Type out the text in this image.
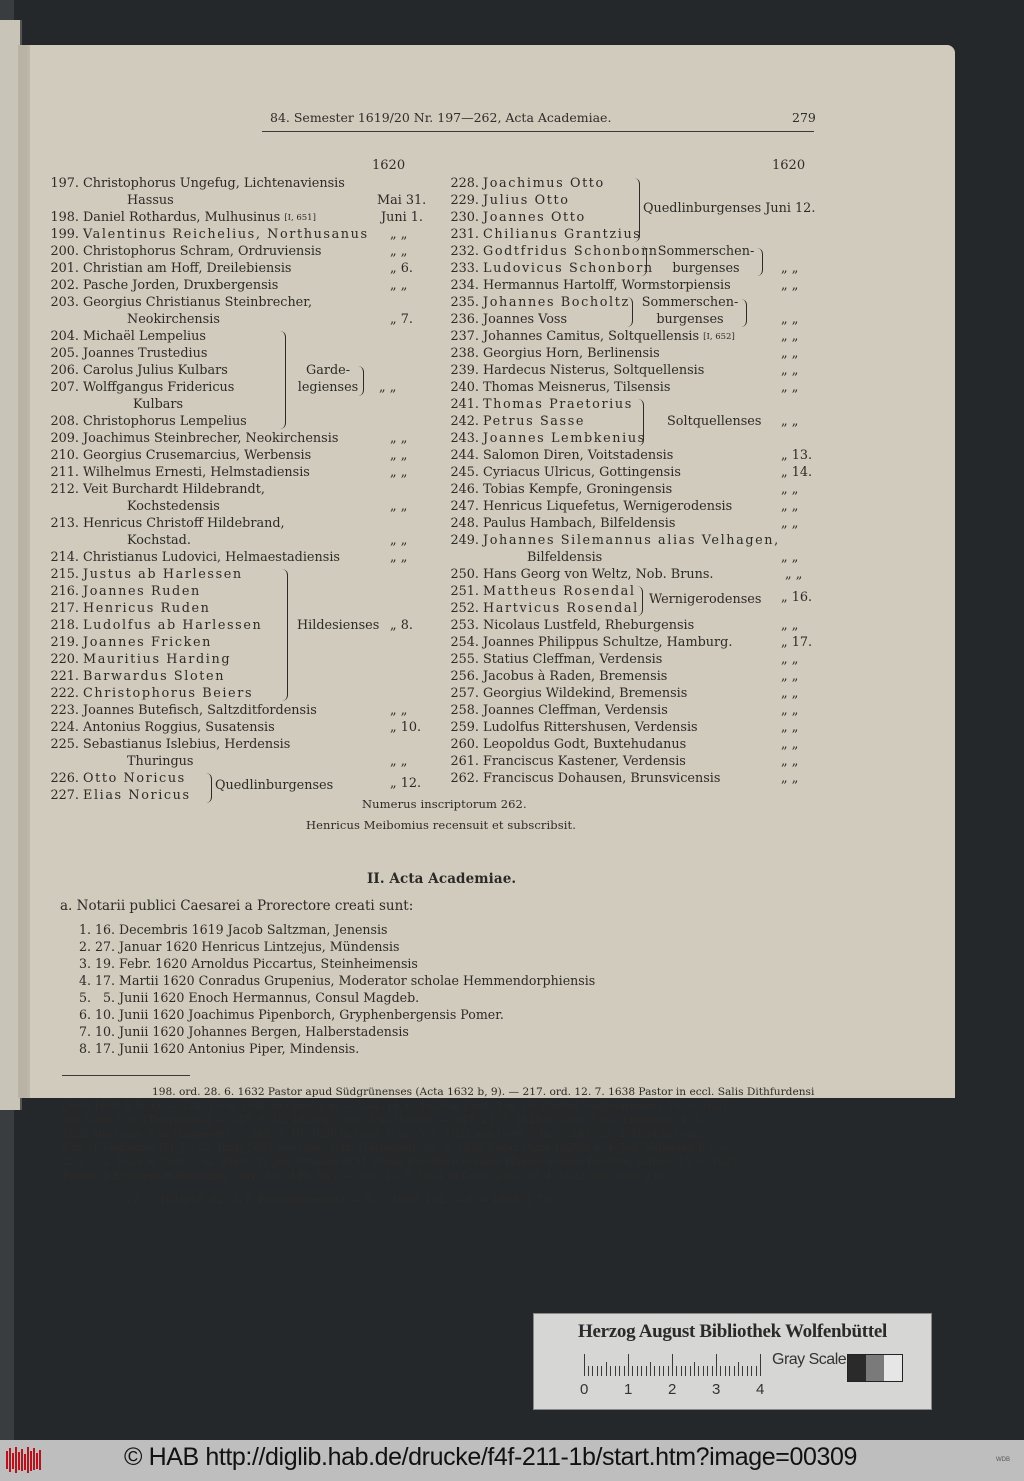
84. Semester 1619/20 Nr. 197—262, Acta Academiae.	279
1620
197. Christophorus Ungefug, Lichtenaviensis
Hassus	Mai 31.
198. Daniel Rothardus, Mulhusinus [I, 651]	Juni 1.
199. Valentinus Reichelius, Northusanus „ „
200. Christophorus Schram, Ordruviensis	„ „
201. Christian am Hoff, Dreilebiensis	„ 6.
202. Pasche Jorden, Druxbergensis	„ „
203. Georgius Christianus Steinbrecher,
Neokirchensis	„ 7.
204. Michaël Lempelius
205. Joannes Trustedius
206. Carolus Julius Kulbars
207. Wolffgangus Fridericus
Kulbars
208. Christophorus Lempelius
Garde-
legienses	„ „
209. Joachimus Steinbrecher, Neokirchensis	„ „
210. Georgius Crusemarcius, Werbensis	„ „
211. Wilhelmus Ernesti, Helmstadiensis	„ „
212. Veit Burchardt Hildebrandt,
Kochstedensis	„ „
213. Henricus Christoff Hildebrand,
Kochstad.	„ „
214. Christianus Ludovici, Helmaestadiensis	„ „
215. Justus ab Harlessen
216. Joannes Ruden
217. Henricus Ruden
218. Ludolfus ab Harlessen
219. Joannes Fricken
220. Mauritius Harding
221. Barwardus Sloten
222. Christophorus Beiers
Hildesienses „ 8.
223. Joannes Butefisch, Saltzditfordensis	„ „
224. Antonius Roggius, Susatensis	„ 10.
225. Sebastianus Islebius, Herdensis
Thuringus	„ „
226. Otto Noricus
227. Elias Noricus
Quedlinburgenses	„ 12.
1620
228. Joachimus Otto
229. Julius Otto
230. Joannes Otto
231. Chilianus Grantzius
Quedlinburgenses Juni 12.
232. Godtfridus Schonborn
233. Ludovicus Schonborn
Sommerschen-
burgenses	„ „
234. Hermannus Hartolff, Wormstorpiensis	„ „
235. Johannes Bocholtz
236. Joannes Voss
Sommerschen-
burgenses	„ „
237. Johannes Camitus, Soltquellensis [I, 652]	„ „
238. Georgius Horn, Berlinensis	„ „
239. Hardecus Nisterus, Soltquellensis	„ „
240. Thomas Meisnerus, Tilsensis	„ „
241. Thomas Praetorius
242. Petrus Sasse
243. Joannes Lembkenius
Soltquellenses „ „
244. Salomon Diren, Voitstadensis	„ 13.
245. Cyriacus Ulricus, Gottingensis	„ 14.
246. Tobias Kempfe, Groningensis	„ „
247. Henricus Liquefetus, Wernigerodensis	„ „
248. Paulus Hambach, Bilfeldensis	„ „
249. Johannes Silemannus alias Velhagen,
Bilfeldensis	„ „
250. Hans Georg von Weltz, Nob. Bruns.	„ „
251. Mattheus Rosendal
252. Hartvicus Rosendal
Wernigerodenses „ 16.
253. Nicolaus Lustfeld, Rheburgensis	„ „
254. Joannes Philippus Schultze, Hamburg.	„ 17.
255. Statius Cleffman, Verdensis	„ „
256. Jacobus à Raden, Bremensis	„ „
257. Georgius Wildekind, Bremensis	„ „
258. Joannes Cleffman, Verdensis	„ „
259. Ludolfus Rittershusen, Verdensis	„ „
260. Leopoldus Godt, Buxtehudanus	„ „
261. Franciscus Kastener, Verdensis	„ „
262. Franciscus Dohausen, Brunsvicensis	„ „
Numerus inscriptorum 262.
Henricus Meibomius recensuit et subscribsit.
II. Acta Academiae.
a. Notarii publici Caesarei a Prorectore creati sunt:
1. 16. Decembris 1619 Jacob Saltzman, Jenensis
2. 27. Januar 1620 Henricus Lintzejus, Mündensis
3. 19. Febr. 1620 Arnoldus Piccartus, Steinheimensis
4. 17. Martii 1620 Conradus Grupenius, Moderator scholae Hemmendorphiensis
5.   5. Junii 1620 Enoch Hermannus, Consul Magdeb.
6. 10. Junii 1620 Joachimus Pipenborch, Gryphenbergensis Pomer.
7. 10. Junii 1620 Johannes Bergen, Halberstadensis
8. 17. Junii 1620 Antonius Piper, Mindensis.
198. ord. 28. 6. 1632 Pastor apud Südgrünenses (Acta 1632 b, 9). — 217. ord. 12. 7. 1638 Pastor in eccl. Salis Dithfurdensi
(Acta 1638 II b, 1). — 224. 19. 6. 1620 in Conv. 3 m. — 244. 14. 6. 1620 in Conv. 5 m. (S. Düring Voigtstatensis); 18. 6. 1621
aus Conv. 5 m. (Thuringius). — 245. 9. 12. 1620 in Conv. 5 m. (Ulrici). — 247. 21. 7. 1620 in Conv. 5 m. (Liquetus); 4. 1.
1622 aus Conv. 5 m. (Liquevet). — 248. 3. 10. 1620 in Conv. 6 m.; 5. 7. 1621 aus Conv. 6 m. — 249. 25. 2. 1624 in Conv.
6 m. (J. Velhagius B.); [c. 22. Juni] 1625 aus Conv. 6 m. (Velhagen); 22. 9. 1628 Notar (Acta 1625/8 a, 4: Joh. Velhagen B.). —
253. 3. 1. 1625 in Conv. 3 m. interc. D. Joh. Stuckio et M. Statio Buschero scholae Hannoveranae Rectore; subscr. 15. 6. 1627
Pastor in Eydelem et Weferling Corp. Jul. (I Bl. 66'). — 260. 13. 5. 1631 in Conv. 2 m.; 20. 4. 1632 aus Conv. 2 m.
a 3. = 1618/19, 82 (A. P. Paderbornensis). — 5. = 1590, 142. — 8. = 1608 II, 76.
Herzog August Bibliothek Wolfenbüttel
0 1 2 3 4
Gray Scale
© HAB http://diglib.hab.de/drucke/f4f-211-1b/start.htm?image=00309	WDB
